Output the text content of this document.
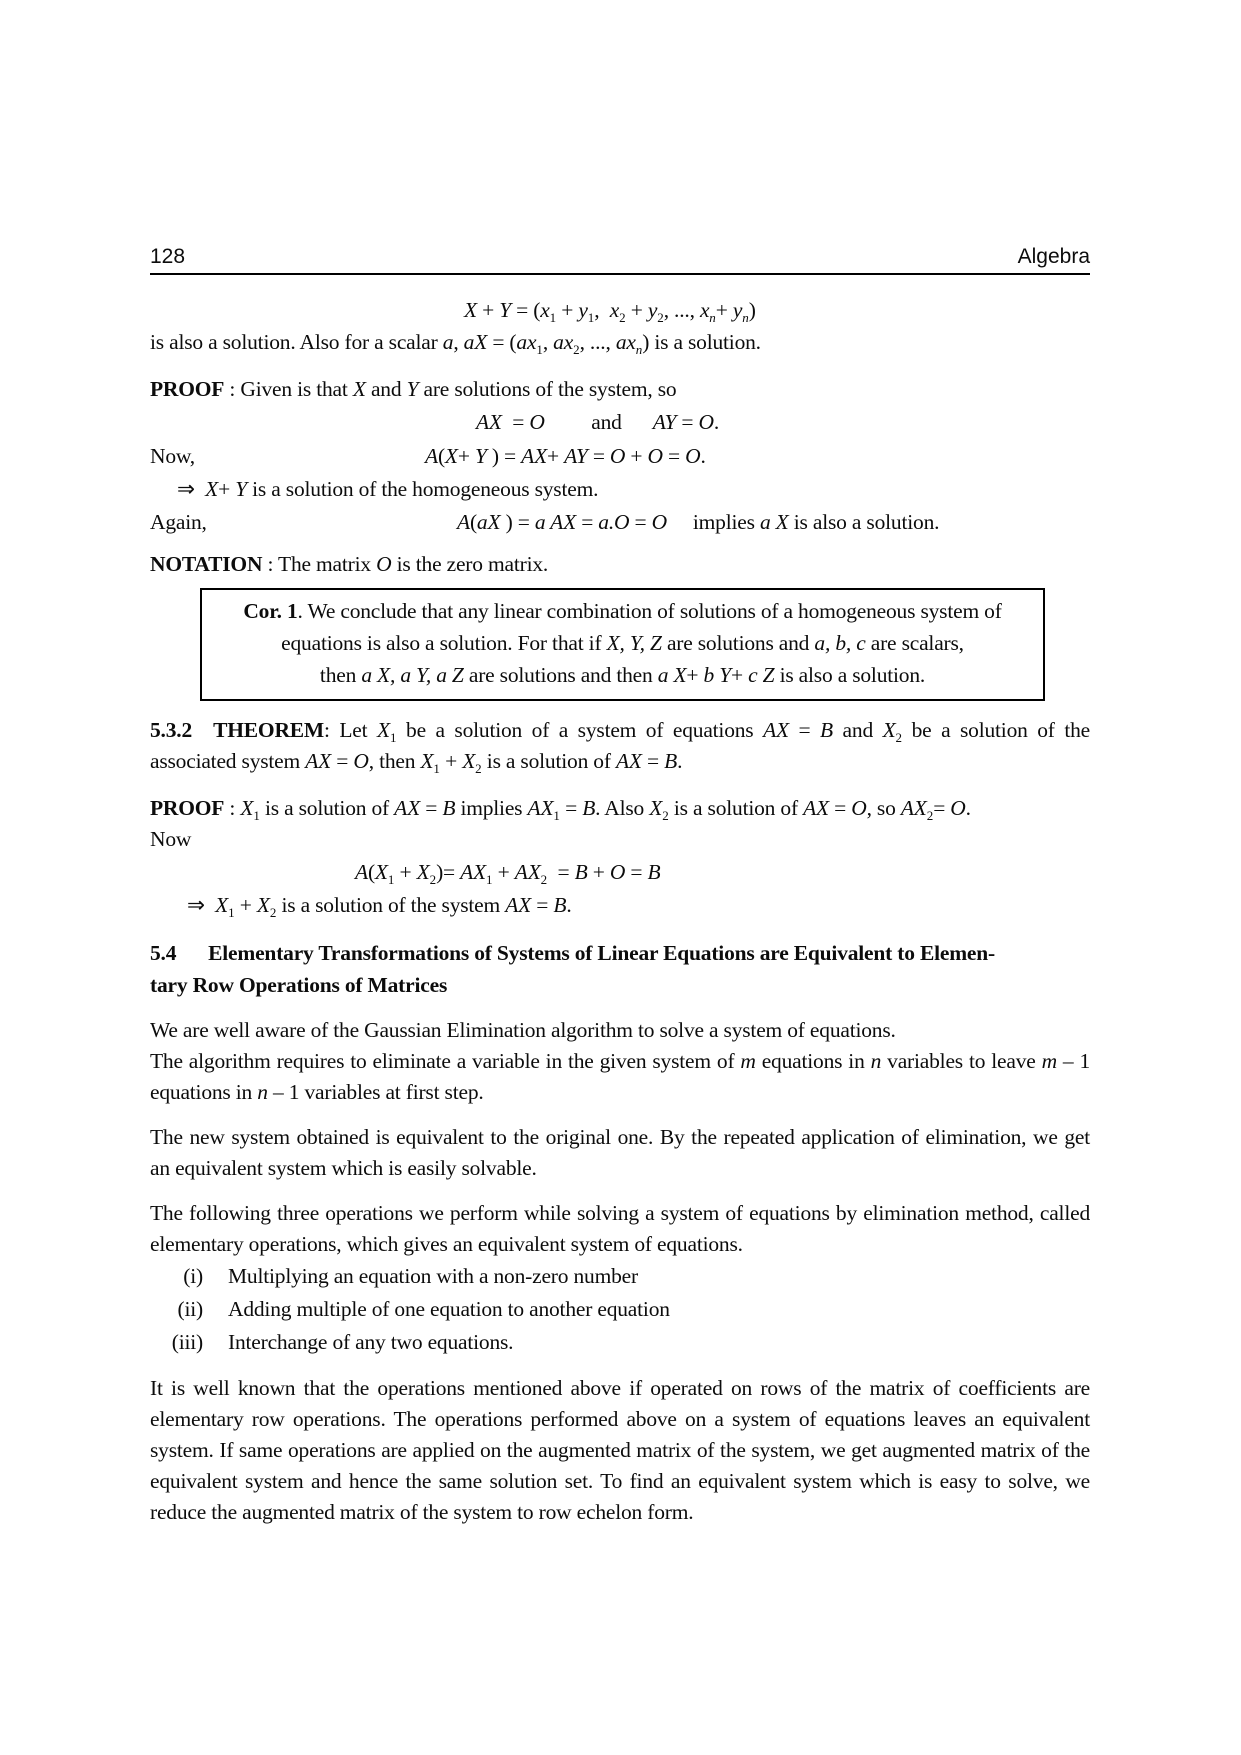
128	Algebra
$X + Y = (x_1 + y_1$,  $x_2 + y_2$, ..., $x_n+ y_n$)
is also a solution. Also for a scalar a, aX = ($ax_1$, $ax_2$, ..., $ax_n$) is a solution.
PROOF : Given is that X and Y are solutions of the system, so
AX  = O         and      AY = O.
Now,	A(X+ Y ) = AX+ AY = O + O = O.
⇒  X+ Y is a solution of the homogeneous system.
Again,	A(aX ) = a AX = a.O = O     implies a X is also a solution.
NOTATION : The matrix O is the zero matrix.
Cor. 1. We conclude that any linear combination of solutions of a homogeneous system of
equations is also a solution. For that if X, Y, Z are solutions and a, b, c are scalars,
then a X, a Y, a Z are solutions and then a X+ b Y+ c Z is also a solution.
5.3.2   THEOREM: Let $X_1$ be a solution of a system of equations AX = B and $X_2$ be a solution of the associated system AX = O, then $X_1 + X_2$ is a solution of AX = B.
PROOF : $X_1$ is a solution of AX = B implies $AX_1 = B$. Also $X_2$ is a solution of AX = O, so $AX_2= O$.
Now
$A(X_1 + X_2)= AX_1 + AX_2 = B + O = B$
⇒  $X_1 + X_2$ is a solution of the system AX = B.
5.4  Elementary Transformations of Systems of Linear Equations are Equivalent to Elemen-
tary Row Operations of Matrices
We are well aware of the Gaussian Elimination algorithm to solve a system of equations.
The algorithm requires to eliminate a variable in the given system of m equations in n variables to leave m – 1 equations in n – 1 variables at first step.
The new system obtained is equivalent to the original one. By the repeated application of elimination, we get an equivalent system which is easily solvable.
The following three operations we perform while solving a system of equations by elimination method, called elementary operations, which gives an equivalent system of equations.
(i) Multiplying an equation with a non-zero number
(ii) Adding multiple of one equation to another equation
(iii) Interchange of any two equations.
It is well known that the operations mentioned above if operated on rows of the matrix of coefficients are elementary row operations. The operations performed above on a system of equations leaves an equivalent system. If same operations are applied on the augmented matrix of the system, we get augmented matrix of the equivalent system and hence the same solution set. To find an equivalent system which is easy to solve, we reduce the augmented matrix of the system to row echelon form.
